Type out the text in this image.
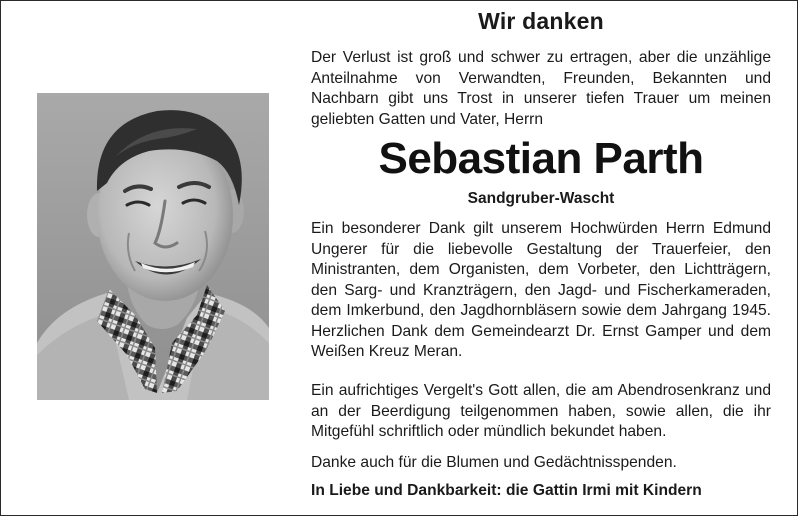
Wir danken
Der Verlust ist groß und schwer zu ertragen, aber die unzählige Anteilnahme von Verwandten, Freunden, Bekannten und Nachbarn gibt uns Trost in unserer tiefen Trauer um meinen geliebten Gatten und Vater, Herrn
Sebastian Parth
Sandgruber-Wascht
Ein besonderer Dank gilt unserem Hochwürden Herrn Edmund Ungerer für die liebevolle Gestaltung der Trauerfeier, den Ministranten, dem Organisten, dem Vorbeter, den Lichtträgern, den Sarg- und Kranzträgern, den Jagd- und Fischerkameraden, dem Imkerbund, den Jagdhornbläsern sowie dem Jahrgang 1945. Herzlichen Dank dem Gemeindearzt Dr. Ernst Gamper und dem Weißen Kreuz Meran.
Ein aufrichtiges Vergelt's Gott allen, die am Abendrosenkranz und an der Beerdigung teilgenommen haben, sowie allen, die ihr Mitgefühl schriftlich oder mündlich bekundet haben.
Danke auch für die Blumen und Gedächtnisspenden.
In Liebe und Dankbarkeit: die Gattin Irmi mit Kindern
